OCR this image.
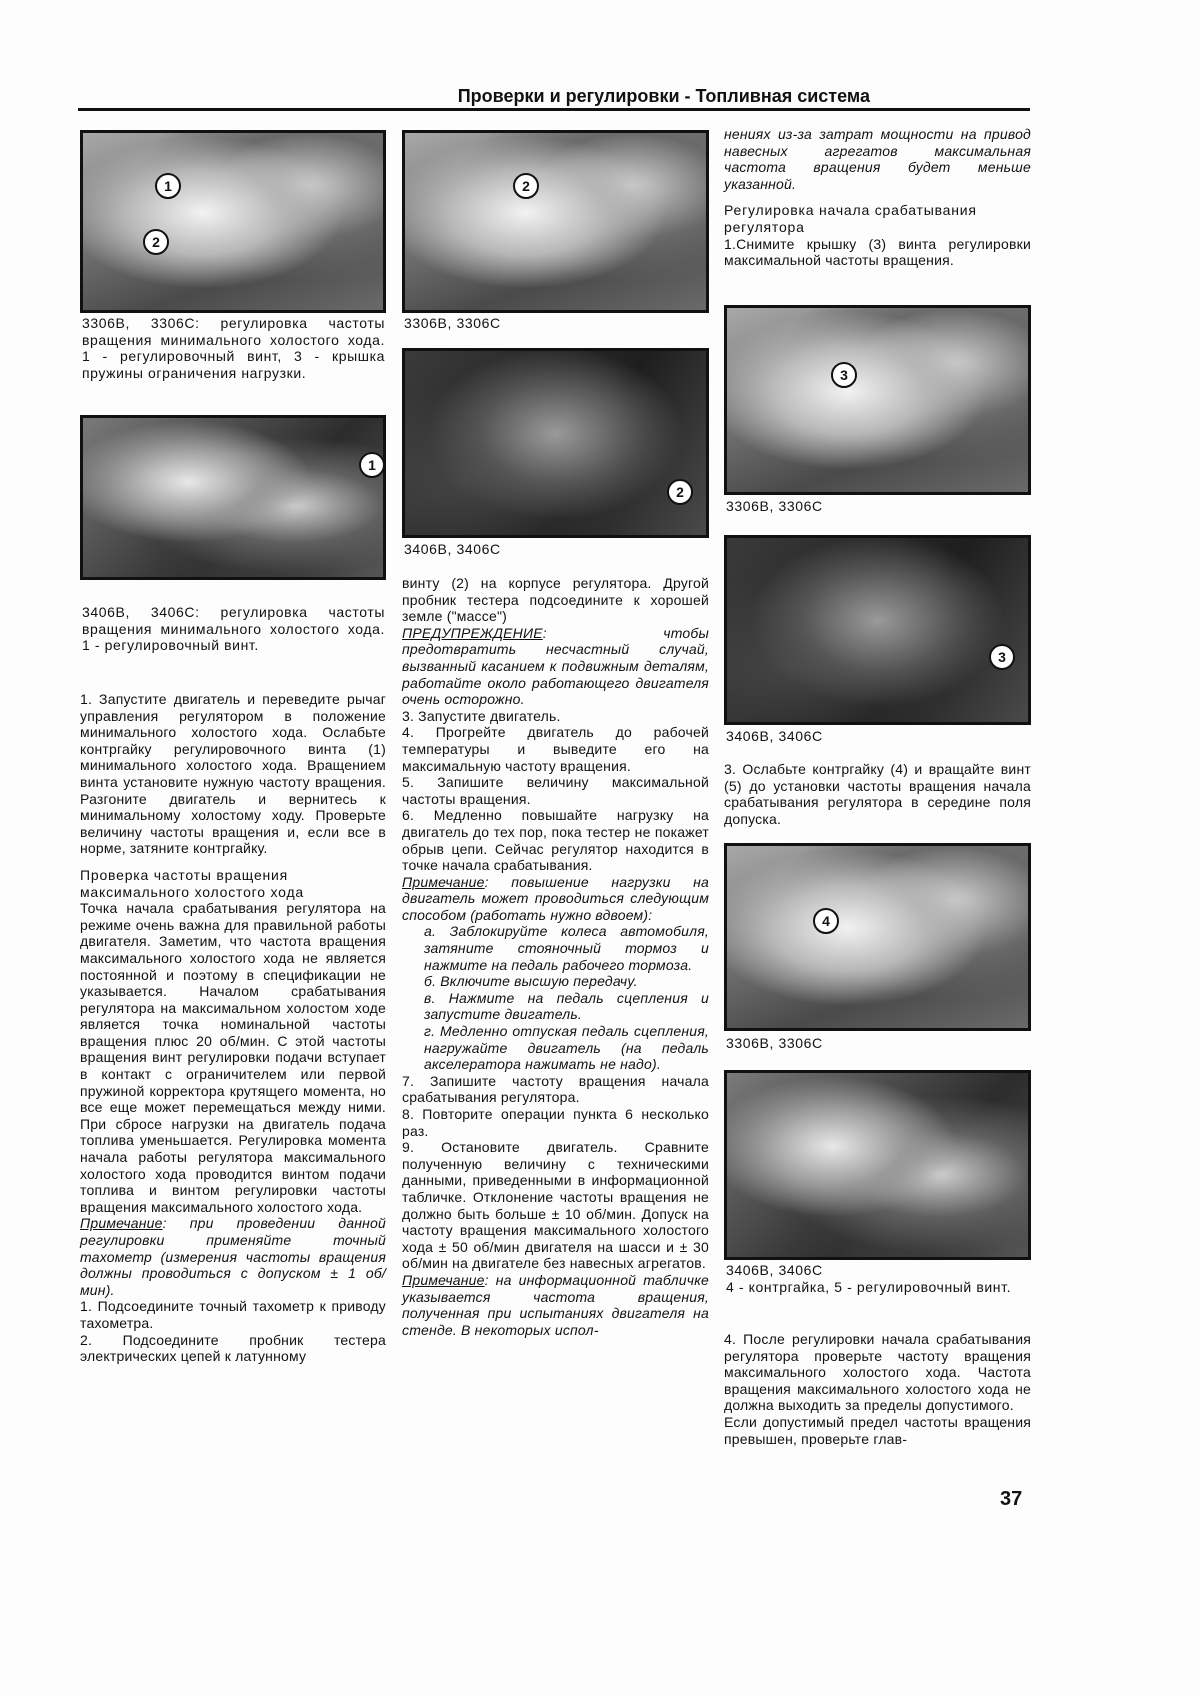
Проверки и регулировки - Топливная система
1
2
3306В, 3306С: регулировка частоты вращения минимального холостого хода. 1 - регулировочный винт, 3 - крышка пружины ограничения нагрузки.
1
3406В, 3406С: регулировка частоты вращения минимального холостого хода. 1 - регулировочный винт.

1. Запустите двигатель и переведите рычаг управления регулятором в положение минимального холостого хода. Ослабьте контргайку регулировочного винта (1) минимального холостого хода. Вращением винта установите нужную частоту вращения. Разгоните двигатель и вернитесь к минимальному холостому ходу. Проверьте величину частоты вращения и, если все в норме, затяните контргайку.

Проверка частоты вращения максимального холостого хода

Точка начала срабатывания регулятора на режиме очень важна для правильной работы двигателя. Заметим, что частота вращения максимального холостого хода не является постоянной и поэтому в спецификации не указывается. Началом срабатывания регулятора на максимальном холостом ходе является точка номинальной частоты вращения плюс 20 об/мин. С этой частоты вращения винт регулировки подачи вступает в контакт с ограничителем или первой пружиной корректора крутящего момента, но все еще может перемещаться между ними. При сбросе нагрузки на двигатель подача топлива уменьшается. Регулировка момента начала работы регулятора максимального холостого хода проводится винтом подачи топлива и винтом регулировки частоты вращения максимального холостого хода.

Примечание: при проведении данной регулировки применяйте точный тахометр (измерения частоты вращения должны проводиться с допуском ± 1 об/мин).

1. Подсоедините точный тахометр к приводу тахометра.

2. Подсоедините пробник тестера электрических цепей к латунному

2
3306В, 3306С
2
3406В, 3406С

винту (2) на корпусе регулятора. Другой пробник тестера подсоедините к хорошей земле ("массе")

ПРЕДУПРЕЖДЕНИЕ: чтобы предотвратить несчастный случай, вызванный касанием к подвижным деталям, работайте около работающего двигателя очень осторожно.

3. Запустите двигатель.

4. Прогрейте двигатель до рабочей температуры и выведите его на максимальную частоту вращения.

5. Запишите величину максимальной частоты вращения.

6. Медленно повышайте нагрузку на двигатель до тех пор, пока тестер не покажет обрыв цепи. Сейчас регулятор находится в точке начала срабатывания.

Примечание: повышение нагрузки на двигатель может проводиться следующим способом (работать нужно вдвоем):

а. Заблокируйте колеса автомобиля, затяните стояночный тормоз и нажмите на педаль рабочего тормоза.

б. Включите высшую передачу.

в. Нажмите на педаль сцепления и запустите двигатель.

г. Медленно отпуская педаль сцепления, нагружайте двигатель (на педаль акселератора нажимать не надо).

7. Запишите частоту вращения начала срабатывания регулятора.

8. Повторите операции пункта 6 несколько раз.

9. Остановите двигатель. Сравните полученную величину с техническими данными, приведенными в информационной табличке. Отклонение частоты вращения не должно быть больше ± 10 об/мин. Допуск на частоту вращения максимального холостого хода ± 50 об/мин двигателя на шасси и ± 30 об/мин на двигателе без навесных агрегатов.

Примечание: на информационной табличке указывается частота вращения, полученная при испытаниях двигателя на стенде. В некоторых испол-

нениях из-за затрат мощности на привод навесных агрегатов максимальная частота вращения будет меньше указанной.

Регулировка начала срабатывания регулятора

1.Снимите крышку (3) винта регулировки максимальной частоты вращения.

3
3306В, 3306С
3
3406В, 3406С

3. Ослабьте контргайку (4) и вращайте винт (5) до установки частоты вращения начала срабатывания регулятора в середине поля допуска.

4
3306В, 3306С
3406В, 3406С
4 - контргайка, 5 - регулировочный винт.

4. После регулировки начала срабатывания регулятора проверьте частоту вращения максимального холостого хода. Частота вращения максимального холостого хода не должна выходить за пределы допустимого.

Если допустимый предел частоты вращения превышен, проверьте глав-

37
